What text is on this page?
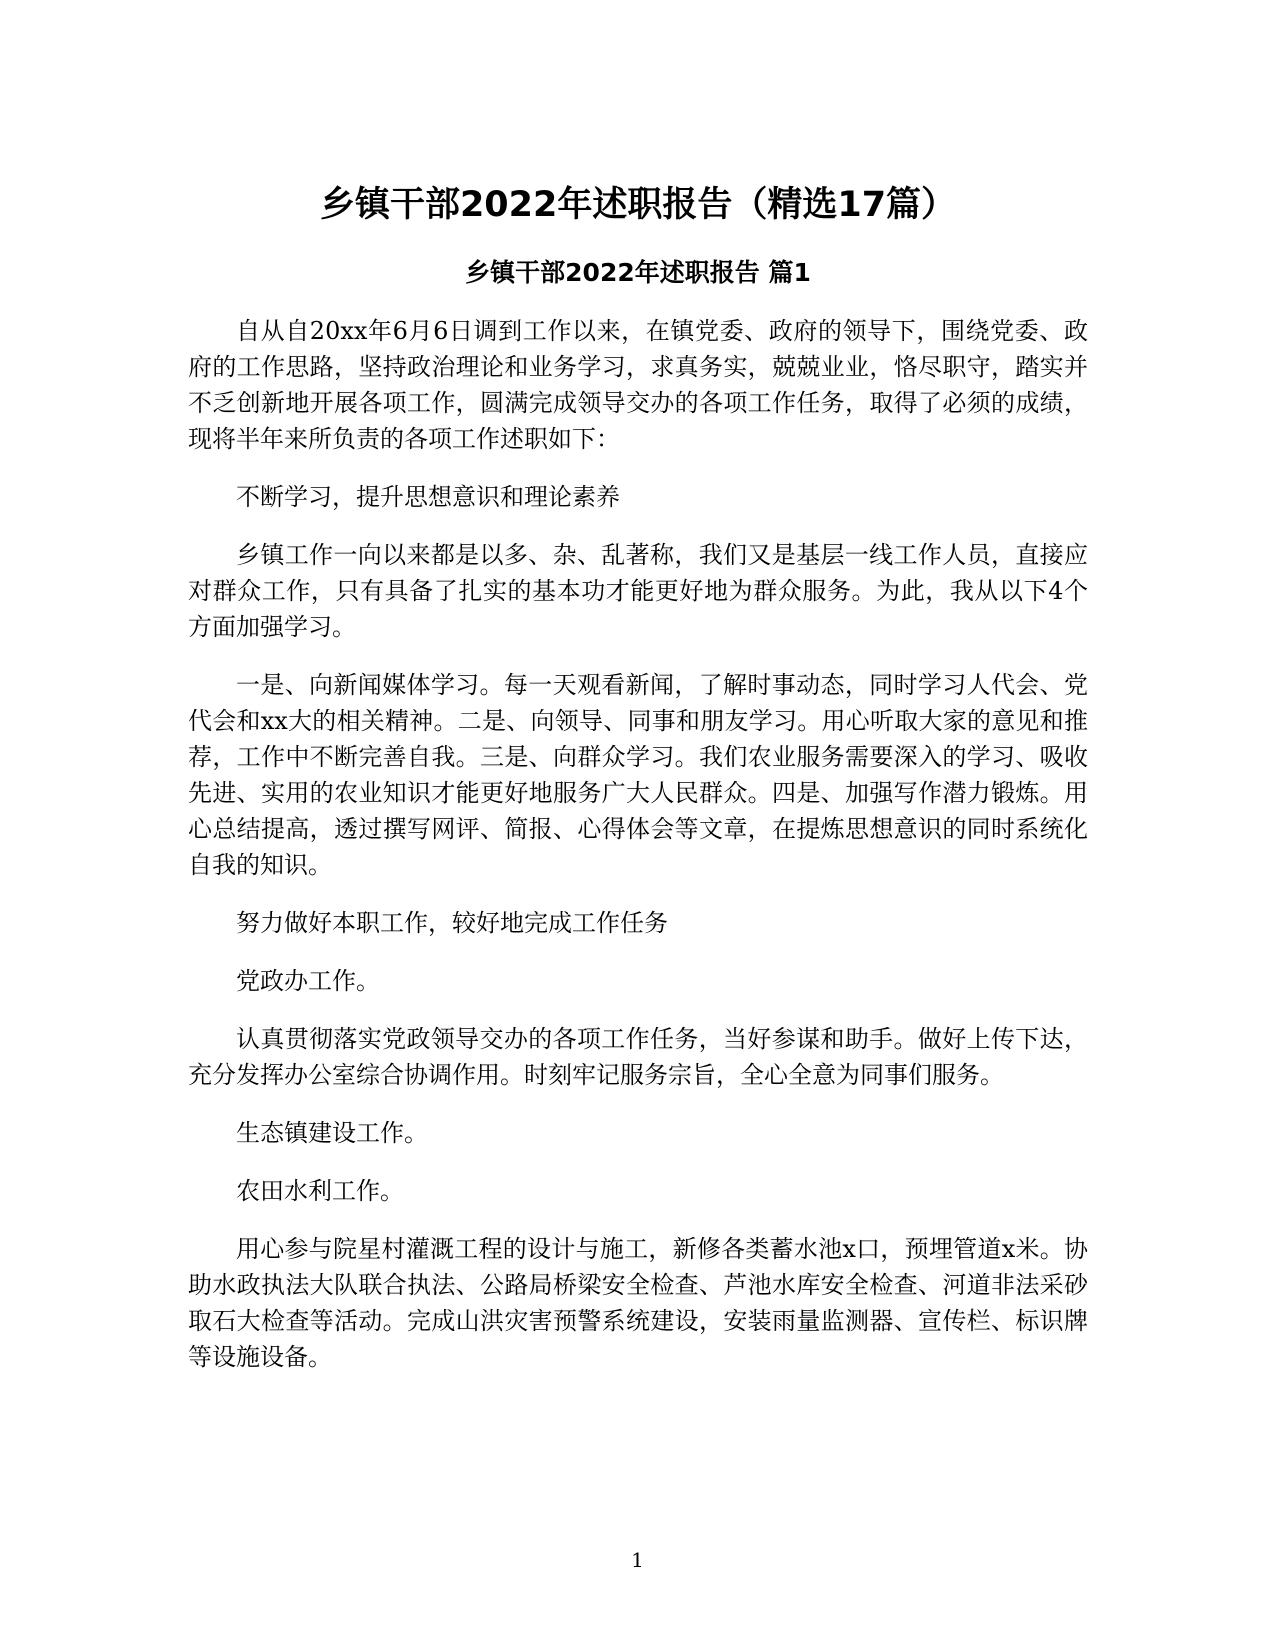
乡镇干部2022年述职报告（精选17篇）
乡镇干部2022年述职报告 篇1

自从自20xx年6月6日调到工作以来，在镇党委、政府的领导下，围绕党委、政府的工作思路，坚持政治理论和业务学习，求真务实，兢兢业业，恪尽职守，踏实并不乏创新地开展各项工作，圆满完成领导交办的各项工作任务，取得了必须的成绩，现将半年来所负责的各项工作述职如下：

不断学习，提升思想意识和理论素养

乡镇工作一向以来都是以多、杂、乱著称，我们又是基层一线工作人员，直接应对群众工作，只有具备了扎实的基本功才能更好地为群众服务。为此，我从以下4个方面加强学习。

一是、向新闻媒体学习。每一天观看新闻，了解时事动态，同时学习人代会、党代会和xx大的相关精神。二是、向领导、同事和朋友学习。用心听取大家的意见和推荐，工作中不断完善自我。三是、向群众学习。我们农业服务需要深入的学习、吸收先进、实用的农业知识才能更好地服务广大人民群众。四是、加强写作潜力锻炼。用心总结提高，透过撰写网评、简报、心得体会等文章，在提炼思想意识的同时系统化自我的知识。

努力做好本职工作，较好地完成工作任务

党政办工作。

认真贯彻落实党政领导交办的各项工作任务，当好参谋和助手。做好上传下达，充分发挥办公室综合协调作用。时刻牢记服务宗旨，全心全意为同事们服务。

生态镇建设工作。

农田水利工作。

用心参与院星村灌溉工程的设计与施工，新修各类蓄水池x口，预埋管道x米。协助水政执法大队联合执法、公路局桥梁安全检查、芦池水库安全检查、河道非法采砂取石大检查等活动。完成山洪灾害预警系统建设，安装雨量监测器、宣传栏、标识牌等设施设备。

1
